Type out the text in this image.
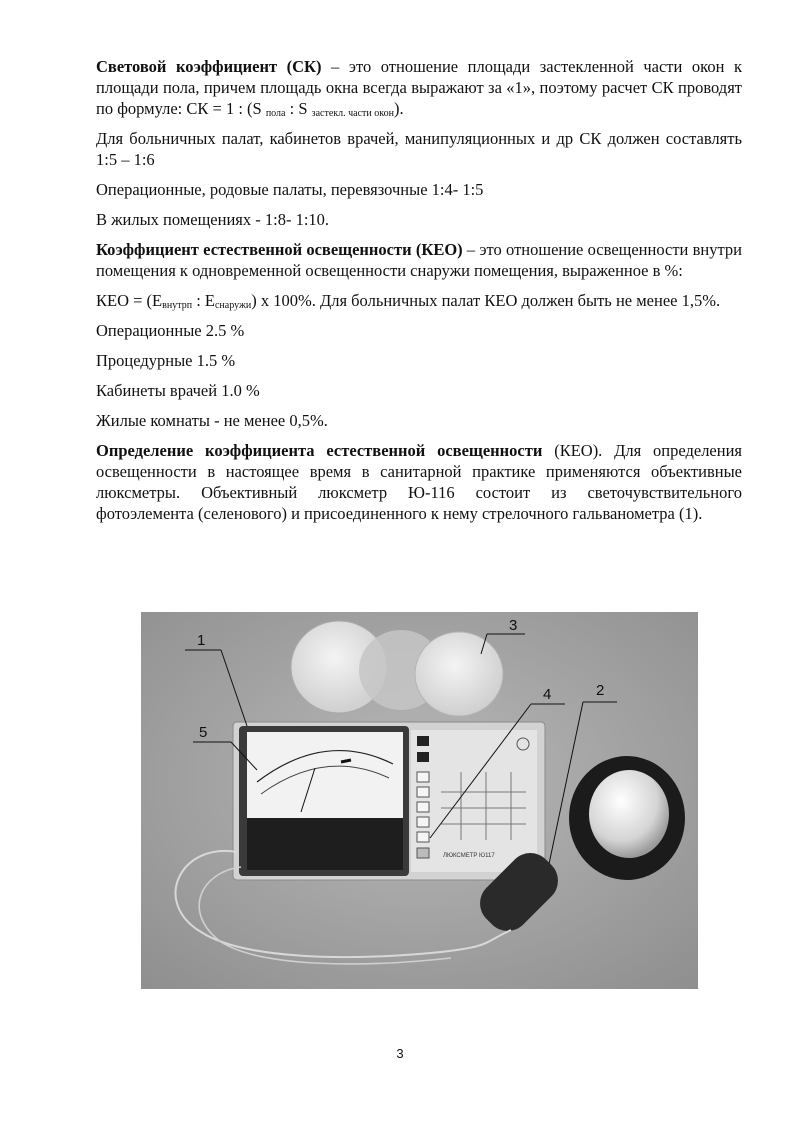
Световой коэффициент (СК) – это отношение площади застекленной части окон к площади пола, причем площадь окна всегда выражают за «1», поэтому расчет СК проводят по формуле: СК = 1 : (S $_{пола}$ : S $_{застекл. части окон}$).

Для больничных палат, кабинетов врачей, манипуляционных и др СК должен составлять 1:5 – 1:6

Операционные, родовые палаты, перевязочные 1:4- 1:5

В жилых помещениях - 1:8- 1:10.

Коэффициент естественной освещенности (КЕО) – это отношение освещенности внутри помещения к одновременной освещенности снаружи помещения, выраженное в %:

КЕО = ($Е_{внутрп}$ : $Е_{снаружи}$) х 100%. Для больничных палат КЕО должен быть не менее 1,5%.

Операционные 2.5 %

Процедурные 1.5 %

Кабинеты врачей 1.0 %

Жилые комнаты - не менее 0,5%.

Определение коэффициента естественной освещенности (КЕО). Для определения освещенности в настоящее время в санитарной практике применяются объективные люксметры. Объективный люксметр Ю-116 состоит из светочувствительного фотоэлемента (селенового) и присоединенного к нему стрелочного гальванометра (1).

ЛЮКСМЕТР Ю117
1
2
3
4
5
3
